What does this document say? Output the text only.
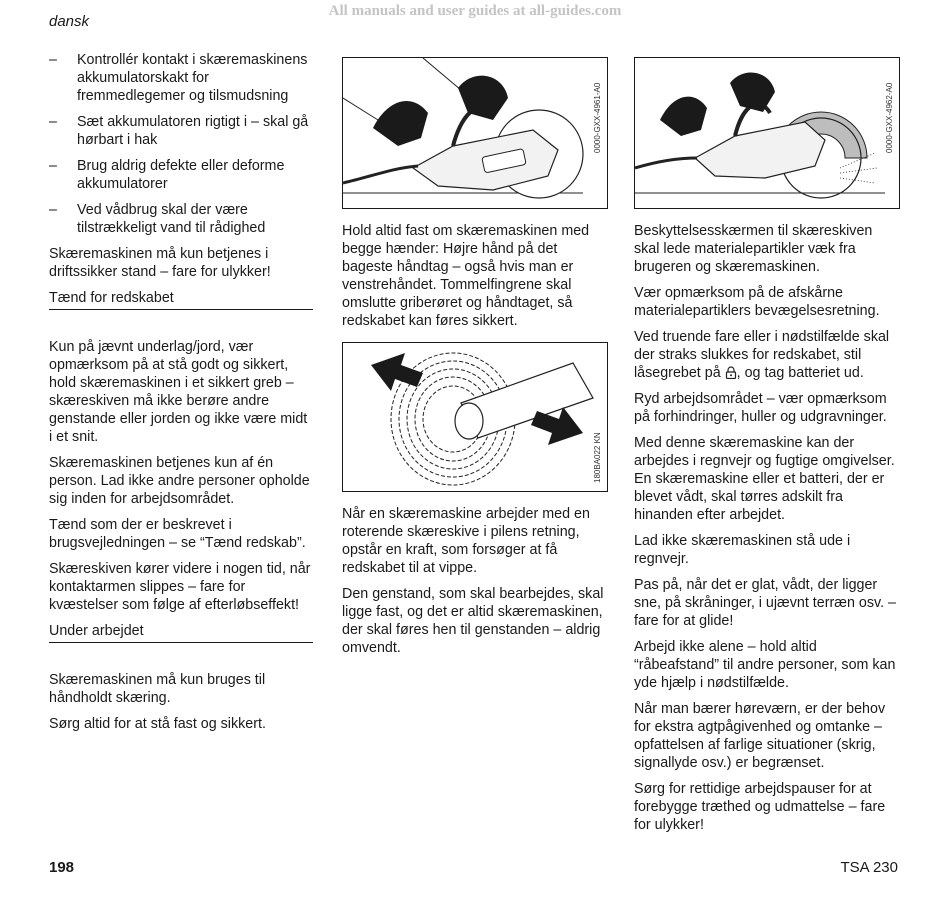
All manuals and user guides at all-guides.com
dansk
–	Kontrollér kontakt i skæremaskinens akkumulatorskakt for fremmedlegemer og tilsmudsning
–	Sæt akkumulatoren rigtigt i – skal gå hørbart i hak
–	Brug aldrig defekte eller deforme akkumulatorer
–	Ved vådbrug skal der være tilstrækkeligt vand til rådighed

Skæremaskinen må kun betjenes i driftssikker stand – fare for ulykker!

Tænd for redskabet

Kun på jævnt underlag/jord, vær opmærksom på at stå godt og sikkert, hold skæremaskinen i et sikkert greb – skæreskiven må ikke berøre andre genstande eller jorden og ikke være midt i et snit.

Skæremaskinen betjenes kun af én person. Lad ikke andre personer opholde sig inden for arbejdsområdet.

Tænd som der er beskrevet i brugsvejledningen – se “Tænd redskab”.

Skæreskiven kører videre i nogen tid, når kontaktarmen slippes – fare for kvæstelser som følge af efterløbseffekt!

Under arbejdet

Skæremaskinen må kun bruges til håndholdt skæring.

Sørg altid for at stå fast og sikkert.

0000-GXX-4961-A0
180BA022 KN
0000-GXX-4962-A0

Hold altid fast om skæremaskinen med begge hænder: Højre hånd på det bageste håndtag – også hvis man er venstrehåndet. Tommelfingrene skal omslutte griberøret og håndtaget, så redskabet kan føres sikkert.

Når en skæremaskine arbejder med en roterende skæreskive i pilens retning, opstår en kraft, som forsøger at få redskabet til at vippe.

Den genstand, som skal bearbejdes, skal ligge fast, og det er altid skæremaskinen, der skal føres hen til genstanden – aldrig omvendt.

Beskyttelsesskærmen til skæreskiven skal lede materialepartikler væk fra brugeren og skæremaskinen.

Vær opmærksom på de afskårne materialepartiklers bevægelsesretning.

Ved truende fare eller i nødstilfælde skal der straks slukkes for redskabet, stil låsegrebet på , og tag batteriet ud.

Ryd arbejdsområdet – vær opmærksom på forhindringer, huller og udgravninger.

Med denne skæremaskine kan der arbejdes i regnvejr og fugtige omgivelser. En skæremaskine eller et batteri, der er blevet vådt, skal tørres adskilt fra hinanden efter arbejdet.

Lad ikke skæremaskinen stå ude i regnvejr.

Pas på, når det er glat, vådt, der ligger sne, på skråninger, i ujævnt terræn osv. – fare for at glide!

Arbejd ikke alene – hold altid “råbeafstand” til andre personer, som kan yde hjælp i nødstilfælde.

Når man bærer høreværn, er der behov for ekstra agtpågivenhed og omtanke – opfattelsen af farlige situationer (skrig, signallyde osv.) er begrænset.

Sørg for rettidige arbejdspauser for at forebygge træthed og udmattelse – fare for ulykker!

198	TSA 230
